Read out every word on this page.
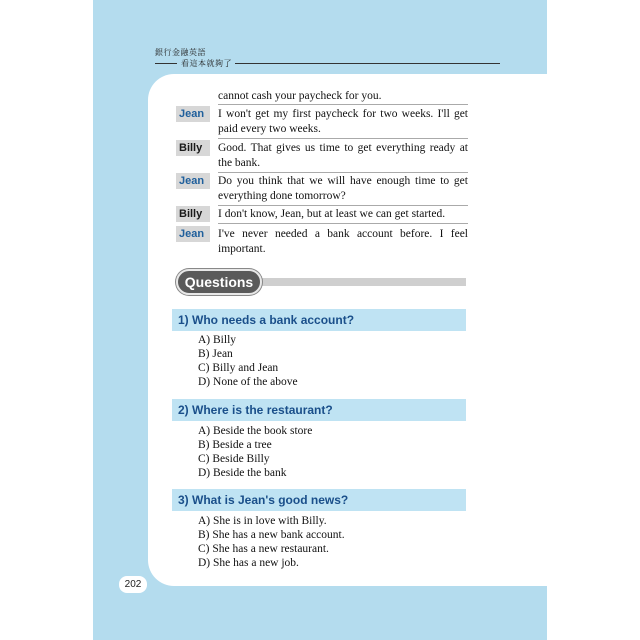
銀行金融英語
看這本就夠了
cannot cash your paycheck for you.
Jean	I won't get my first paycheck for two weeks. I'll get paid every two weeks.
Billy	Good. That gives us time to get everything ready at the bank.
Jean	Do you think that we will have enough time to get everything done tomorrow?
Billy	I don't know, Jean, but at least we can get started.
Jean	I've never needed a bank account before. I feel important.
Questions
1) Who needs a bank account?
A) Billy
B) Jean
C) Billy and Jean
D) None of the above
2) Where is the restaurant?
A) Beside the book store
B) Beside a tree
C) Beside Billy
D) Beside the bank
3) What is Jean's good news?
A) She is in love with Billy.
B) She has a new bank account.
C) She has a new restaurant.
D) She has a new job.
202
